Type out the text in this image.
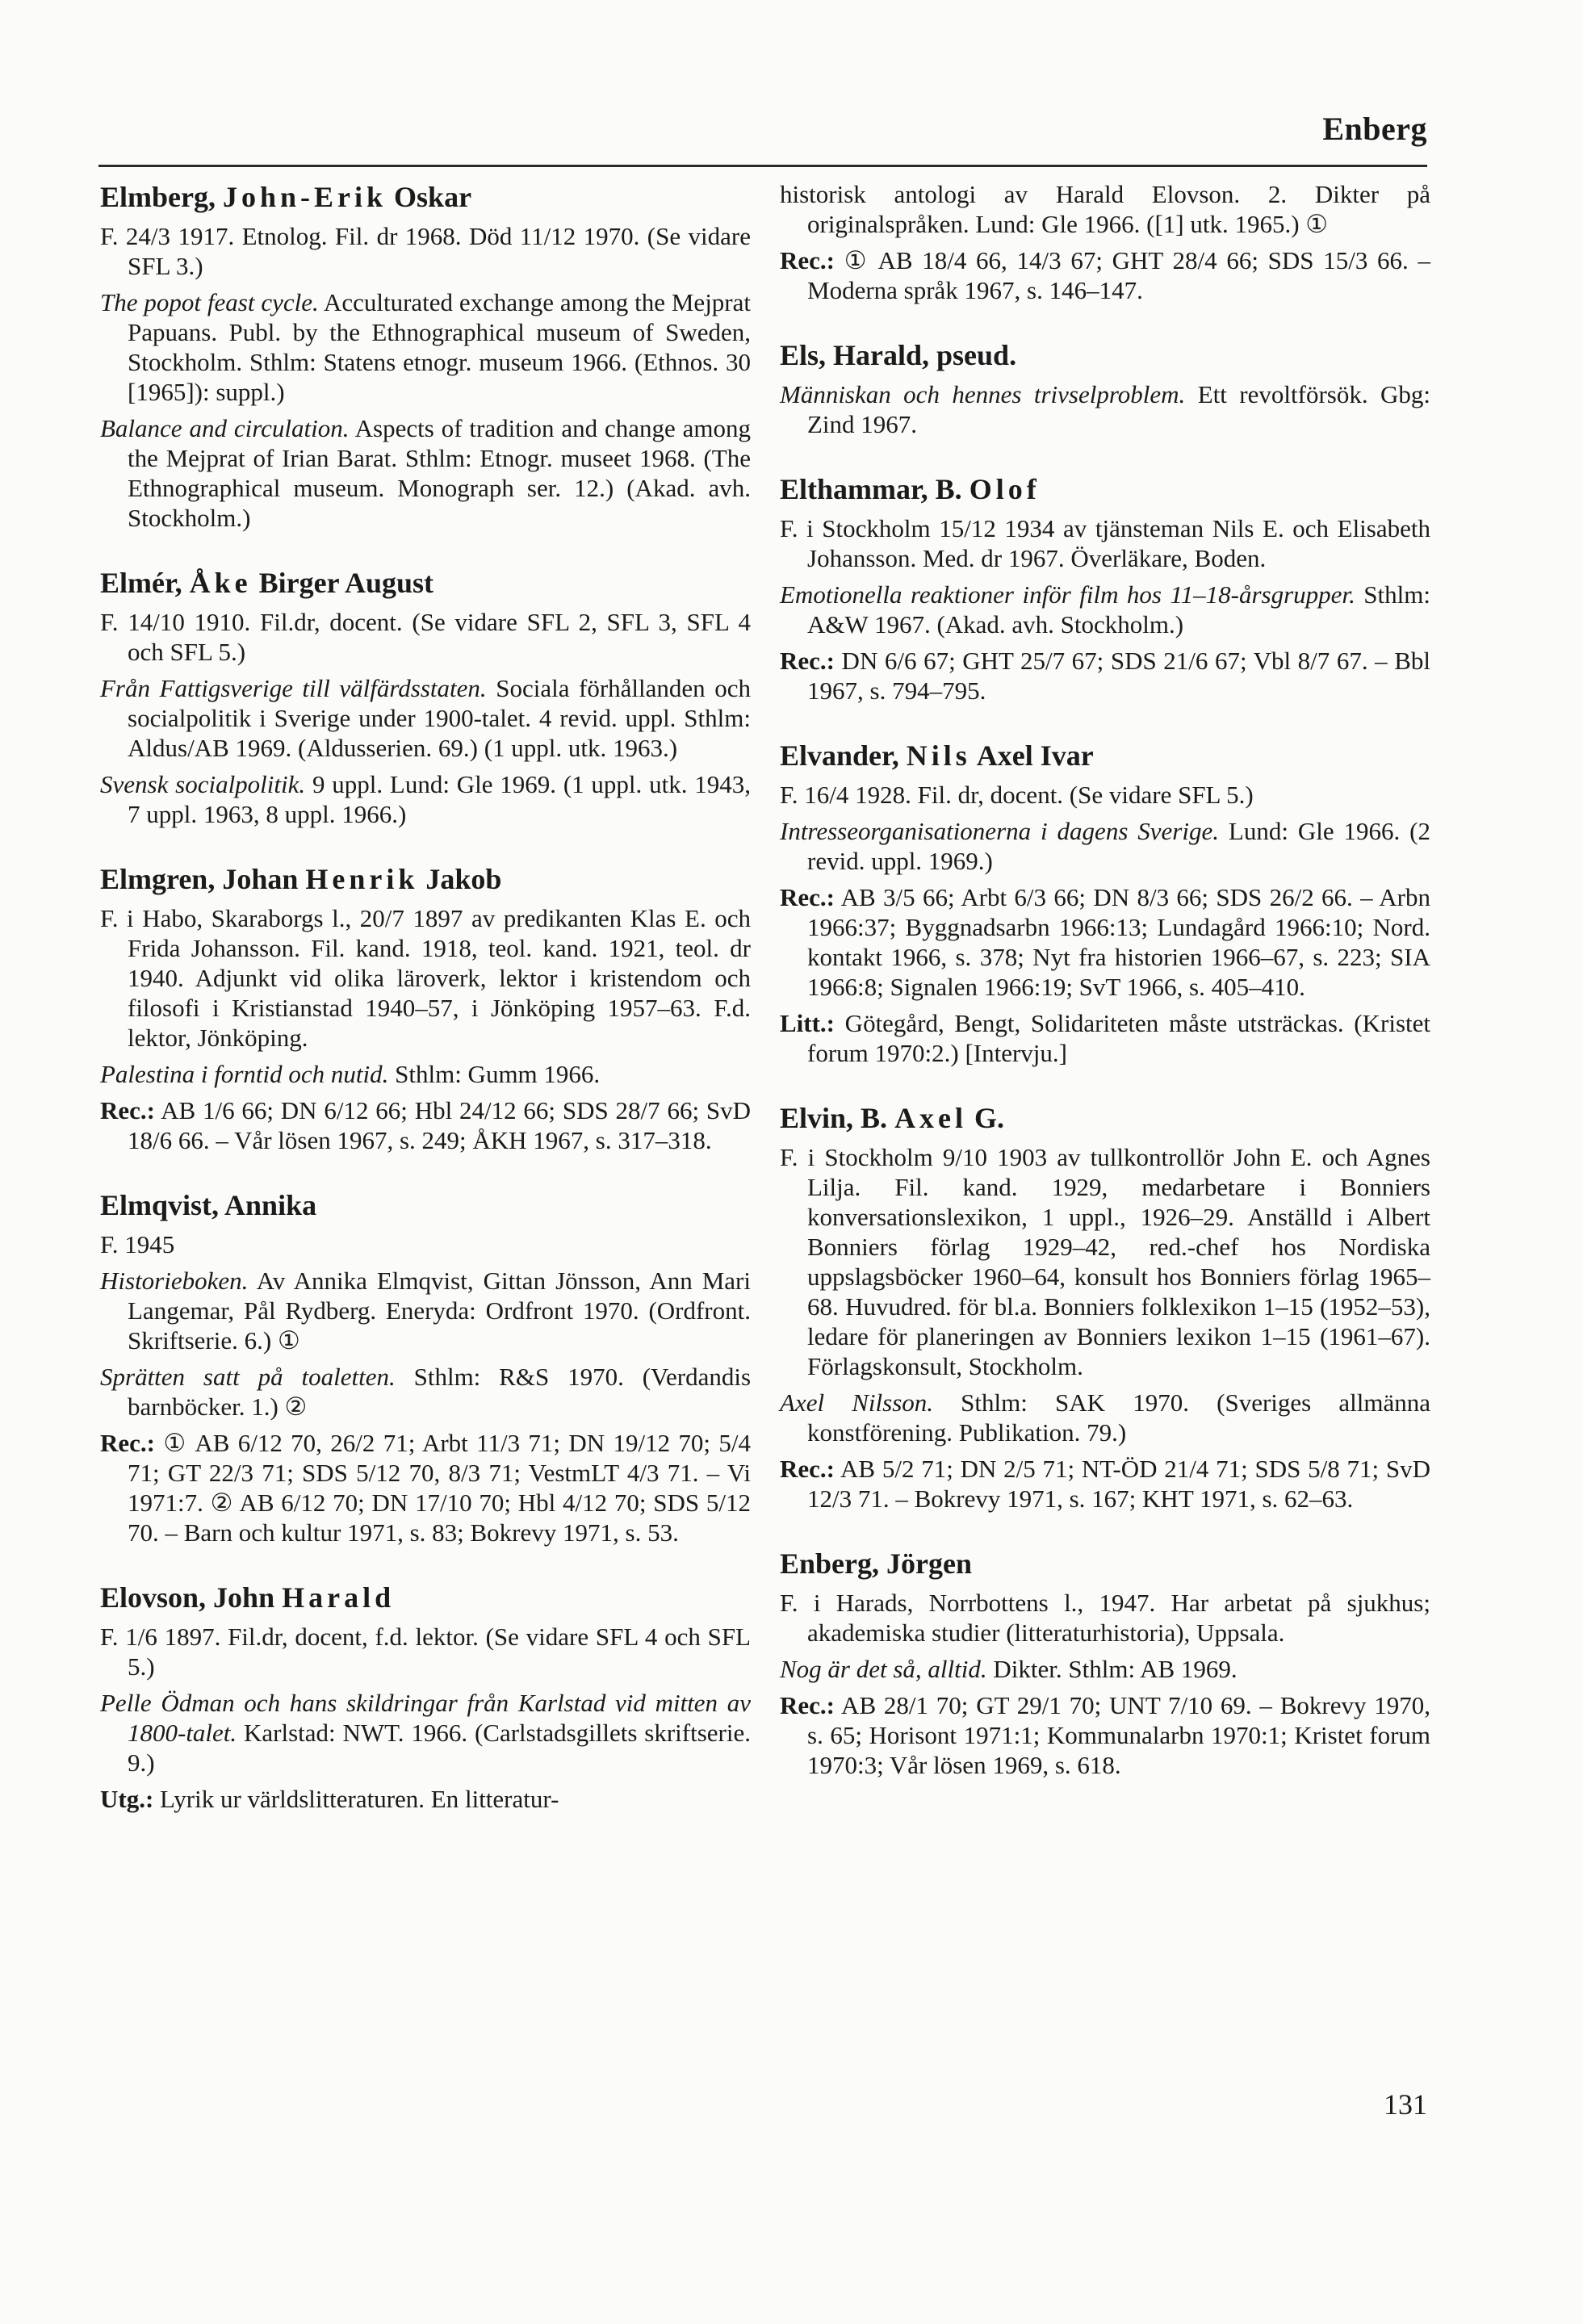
Enberg
Elmberg, John-Erik Oskar
F. 24/3 1917. Etnolog. Fil. dr 1968. Död 11/12 1970. (Se vidare SFL 3.)
The popot feast cycle. Acculturated exchange among the Mejprat Papuans. Publ. by the Ethnographical museum of Sweden, Stockholm. Sthlm: Statens etnogr. museum 1966. (Ethnos. 30 [1965]): suppl.)
Balance and circulation. Aspects of tradition and change among the Mejprat of Irian Barat. Sthlm: Etnogr. museet 1968. (The Ethnographical museum. Monograph ser. 12.) (Akad. avh. Stockholm.)
Elmér, Åke Birger August
F. 14/10 1910. Fil.dr, docent. (Se vidare SFL 2, SFL 3, SFL 4 och SFL 5.)
Från Fattigsverige till välfärdsstaten. Sociala förhållanden och socialpolitik i Sverige under 1900-talet. 4 revid. uppl. Sthlm: Aldus/AB 1969. (Aldusserien. 69.) (1 uppl. utk. 1963.)
Svensk socialpolitik. 9 uppl. Lund: Gle 1969. (1 uppl. utk. 1943, 7 uppl. 1963, 8 uppl. 1966.)
Elmgren, Johan Henrik Jakob
F. i Habo, Skaraborgs l., 20/7 1897 av predikanten Klas E. och Frida Johansson. Fil. kand. 1918, teol. kand. 1921, teol. dr 1940. Adjunkt vid olika läroverk, lektor i kristendom och filosofi i Kristianstad 1940–57, i Jönköping 1957–63. F.d. lektor, Jönköping.
Palestina i forntid och nutid. Sthlm: Gumm 1966.
Rec.: AB 1/6 66; DN 6/12 66; Hbl 24/12 66; SDS 28/7 66; SvD 18/6 66. – Vår lösen 1967, s. 249; ÅKH 1967, s. 317–318.
Elmqvist, Annika
F. 1945
Historieboken. Av Annika Elmqvist, Gittan Jönsson, Ann Mari Langemar, Pål Rydberg. Eneryda: Ordfront 1970. (Ordfront. Skriftserie. 6.) ①
Sprätten satt på toaletten. Sthlm: R&S 1970. (Verdandis barnböcker. 1.) ②
Rec.: ① AB 6/12 70, 26/2 71; Arbt 11/3 71; DN 19/12 70; 5/4 71; GT 22/3 71; SDS 5/12 70, 8/3 71; VestmLT 4/3 71. – Vi 1971:7. ② AB 6/12 70; DN 17/10 70; Hbl 4/12 70; SDS 5/12 70. – Barn och kultur 1971, s. 83; Bokrevy 1971, s. 53.
Elovson, John Harald
F. 1/6 1897. Fil.dr, docent, f.d. lektor. (Se vidare SFL 4 och SFL 5.)
Pelle Ödman och hans skildringar från Karlstad vid mitten av 1800-talet. Karlstad: NWT. 1966. (Carlstadsgillets skriftserie. 9.)
Utg.: Lyrik ur världslitteraturen. En litteratur-
historisk antologi av Harald Elovson. 2. Dikter på originalspråken. Lund: Gle 1966. ([1] utk. 1965.) ①
Rec.: ① AB 18/4 66, 14/3 67; GHT 28/4 66; SDS 15/3 66. – Moderna språk 1967, s. 146–147.
Els, Harald, pseud.
Människan och hennes trivselproblem. Ett revoltförsök. Gbg: Zind 1967.
Elthammar, B. Olof
F. i Stockholm 15/12 1934 av tjänsteman Nils E. och Elisabeth Johansson. Med. dr 1967. Överläkare, Boden.
Emotionella reaktioner inför film hos 11–18-årsgrupper. Sthlm: A&W 1967. (Akad. avh. Stockholm.)
Rec.: DN 6/6 67; GHT 25/7 67; SDS 21/6 67; Vbl 8/7 67. – Bbl 1967, s. 794–795.
Elvander, Nils Axel Ivar
F. 16/4 1928. Fil. dr, docent. (Se vidare SFL 5.)
Intresseorganisationerna i dagens Sverige. Lund: Gle 1966. (2 revid. uppl. 1969.)
Rec.: AB 3/5 66; Arbt 6/3 66; DN 8/3 66; SDS 26/2 66. – Arbn 1966:37; Byggnadsarbn 1966:13; Lundagård 1966:10; Nord. kontakt 1966, s. 378; Nyt fra historien 1966–67, s. 223; SIA 1966:8; Signalen 1966:19; SvT 1966, s. 405–410.
Litt.: Götegård, Bengt, Solidariteten måste utsträckas. (Kristet forum 1970:2.) [Intervju.]
Elvin, B. Axel G.
F. i Stockholm 9/10 1903 av tullkontrollör John E. och Agnes Lilja. Fil. kand. 1929, medarbetare i Bonniers konversationslexikon, 1 uppl., 1926–29. Anställd i Albert Bonniers förlag 1929–42, red.-chef hos Nordiska uppslagsböcker 1960–64, konsult hos Bonniers förlag 1965–68. Huvudred. för bl.a. Bonniers folklexikon 1–15 (1952–53), ledare för planeringen av Bonniers lexikon 1–15 (1961–67). Förlagskonsult, Stockholm.
Axel Nilsson. Sthlm: SAK 1970. (Sveriges allmänna konstförening. Publikation. 79.)
Rec.: AB 5/2 71; DN 2/5 71; NT-ÖD 21/4 71; SDS 5/8 71; SvD 12/3 71. – Bokrevy 1971, s. 167; KHT 1971, s. 62–63.
Enberg, Jörgen
F. i Harads, Norrbottens l., 1947. Har arbetat på sjukhus; akademiska studier (litteraturhistoria), Uppsala.
Nog är det så, alltid. Dikter. Sthlm: AB 1969.
Rec.: AB 28/1 70; GT 29/1 70; UNT 7/10 69. – Bokrevy 1970, s. 65; Horisont 1971:1; Kommunalarbn 1970:1; Kristet forum 1970:3; Vår lösen 1969, s. 618.
131
